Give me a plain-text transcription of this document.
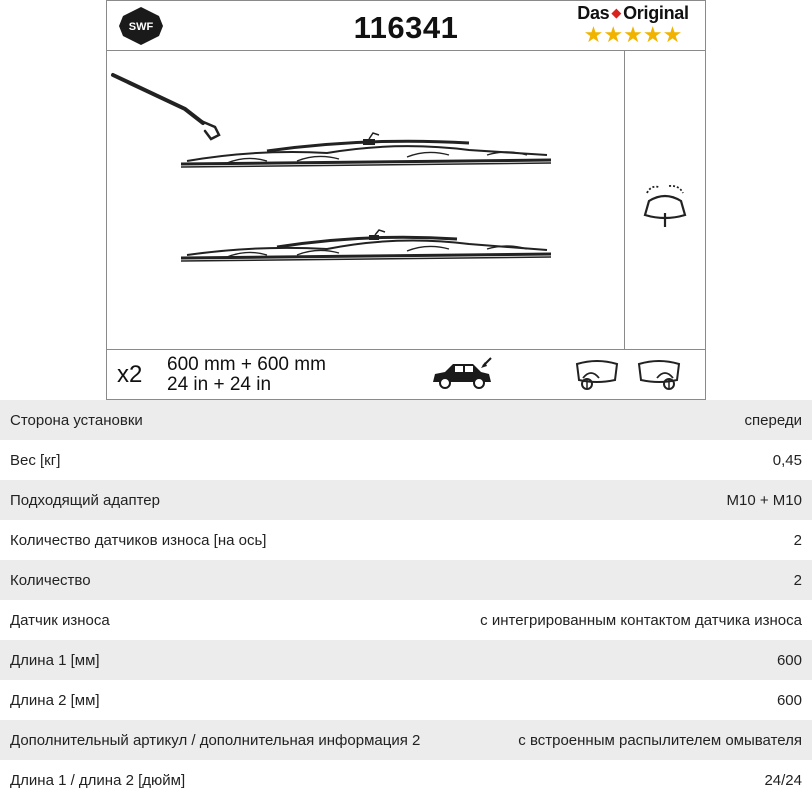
SWF	116341	Das ◆ Original
★★★★★
x2 600 mm + 600 mm
24 in + 24 in
Сторона установки	спереди
Вес [кг]	0,45
Подходящий адаптер	M10 + M10
Количество датчиков износа [на ось]	2
Количество	2
Датчик износа	с интегрированным контактом датчика износа
Длина 1 [мм]	600
Длина 2 [мм]	600
Дополнительный артикул / дополнительная информация 2	с встроенным распылителем омывателя
Длина 1 / длина 2 [дюйм]	24/24
